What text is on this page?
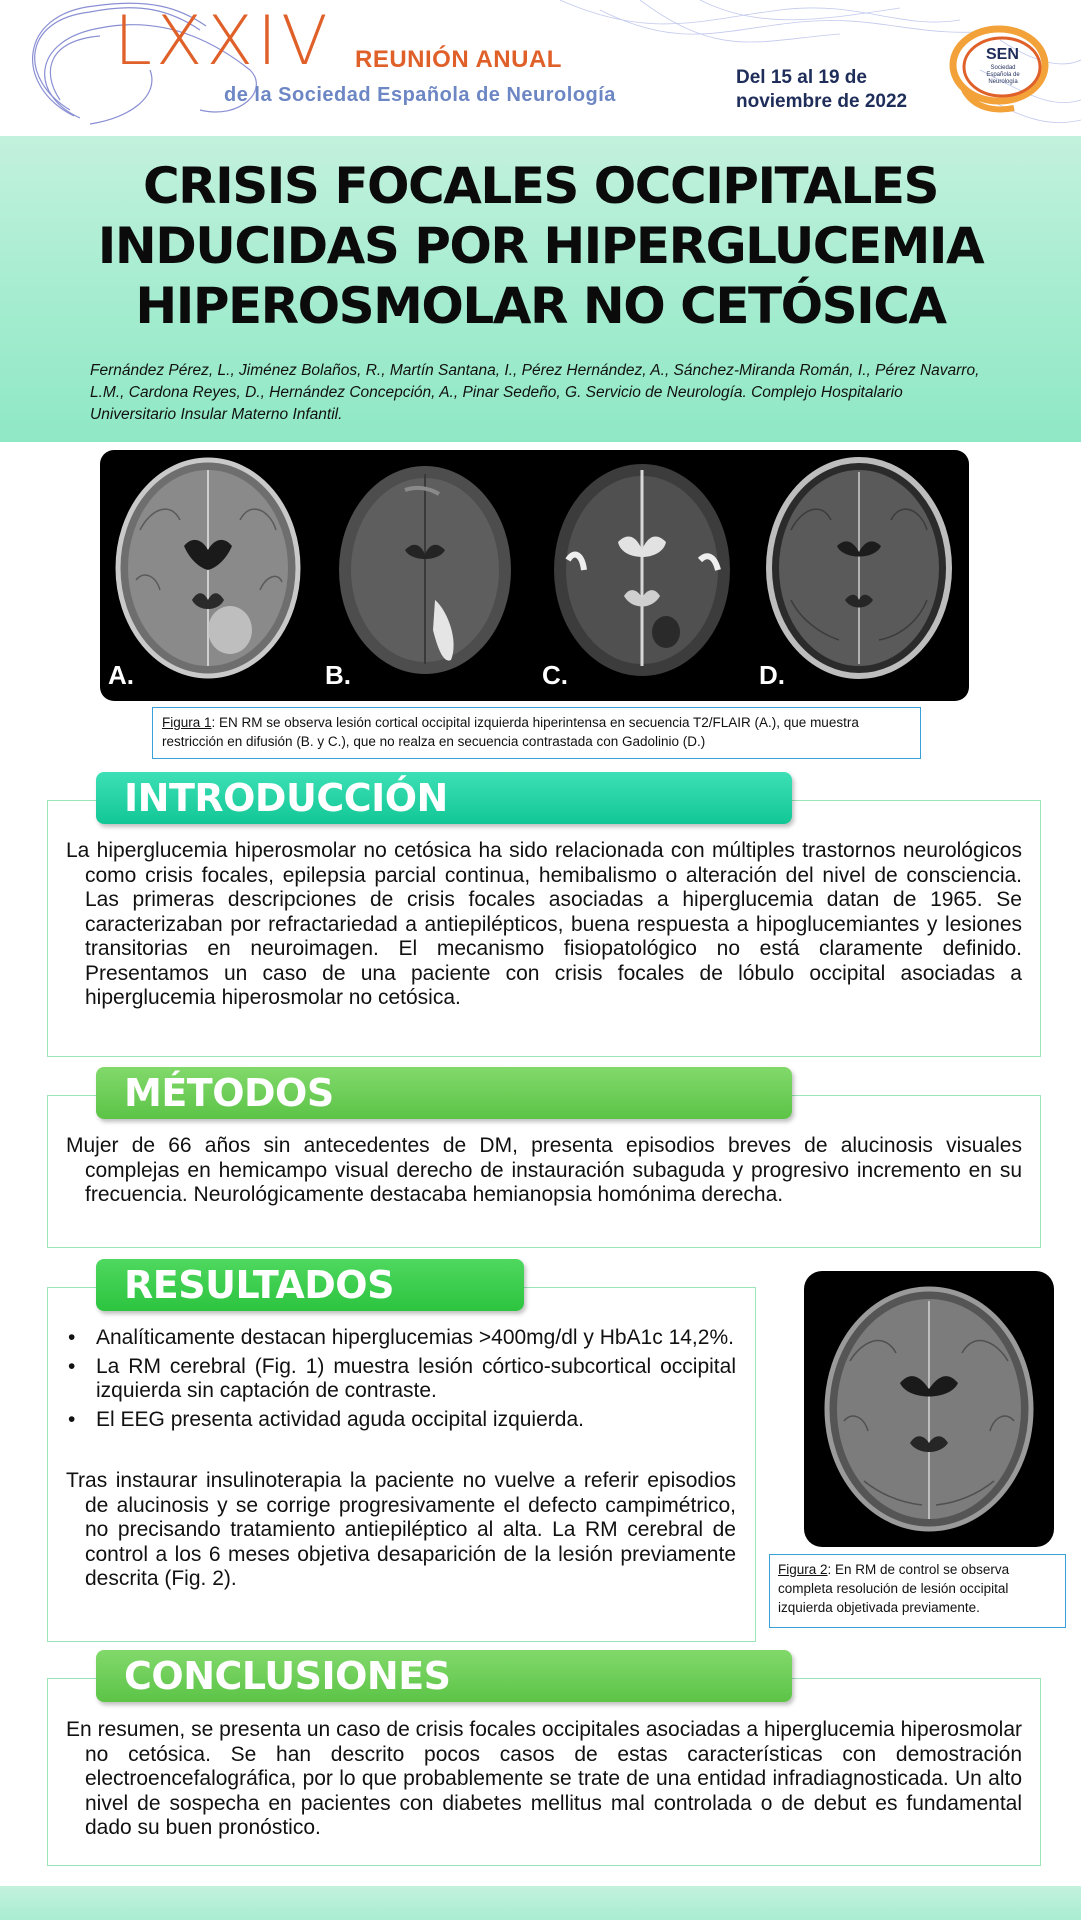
LXXIV REUNIÓN ANUAL
de la Sociedad Española de Neurología
Del 15 al 19 de
noviembre de 2022
SEN
Sociedad Española de Neurología
CRISIS FOCALES OCCIPITALES
INDUCIDAS POR HIPERGLUCEMIA
HIPEROSMOLAR NO CETÓSICA
Fernández Pérez, L., Jiménez Bolaños, R., Martín Santana, I., Pérez Hernández, A., Sánchez-Miranda Román, I., Pérez Navarro, L.M., Cardona Reyes, D., Hernández Concepción, A., Pinar Sedeño, G. Servicio de Neurología. Complejo Hospitalario Universitario Insular Materno Infantil.
A.	B.	C.	D.
Figura 1: EN RM se observa lesión cortical occipital izquierda hiperintensa en secuencia T2/FLAIR (A.), que muestra restricción en difusión (B. y C.), que no realza en secuencia contrastada con Gadolinio (D.)
INTRODUCCIÓN
La hiperglucemia hiperosmolar no cetósica ha sido relacionada con múltiples trastornos neurológicos como crisis focales, epilepsia parcial continua, hemibalismo o alteración del nivel de consciencia. Las primeras descripciones de crisis focales asociadas a hiperglucemia datan de 1965. Se caracterizaban por refractariedad a antiepilépticos, buena respuesta a hipoglucemiantes y lesiones transitorias en neuroimagen. El mecanismo fisiopatológico no está claramente definido. Presentamos un caso de una paciente con crisis focales de lóbulo occipital asociadas a hiperglucemia hiperosmolar no cetósica.
MÉTODOS
Mujer de 66 años sin antecedentes de DM, presenta episodios breves de alucinosis visuales complejas en hemicampo visual derecho de instauración subaguda y progresivo incremento en su frecuencia. Neurológicamente destacaba hemianopsia homónima derecha.
RESULTADOS
• Analíticamente destacan hiperglucemias >400mg/dl y HbA1c 14,2%.
• La RM cerebral (Fig. 1) muestra lesión córtico-subcortical occipital izquierda sin captación de contraste.
• El EEG presenta actividad aguda occipital izquierda.
Tras instaurar insulinoterapia la paciente no vuelve a referir episodios de alucinosis y se corrige progresivamente el defecto campimétrico, no precisando tratamiento antiepiléptico al alta. La RM cerebral de control a los 6 meses objetiva desaparición de la lesión previamente descrita (Fig. 2).	Figura 2: En RM de control se observa completa resolución de lesión occipital izquierda objetivada previamente.
CONCLUSIONES
En resumen, se presenta un caso de crisis focales occipitales asociadas a hiperglucemia hiperosmolar no cetósica. Se han descrito pocos casos de estas características con demostración electroencefalográfica, por lo que probablemente se trate de una entidad infradiagnosticada. Un alto nivel de sospecha en pacientes con diabetes mellitus mal controlada o de debut es fundamental dado su buen pronóstico.
